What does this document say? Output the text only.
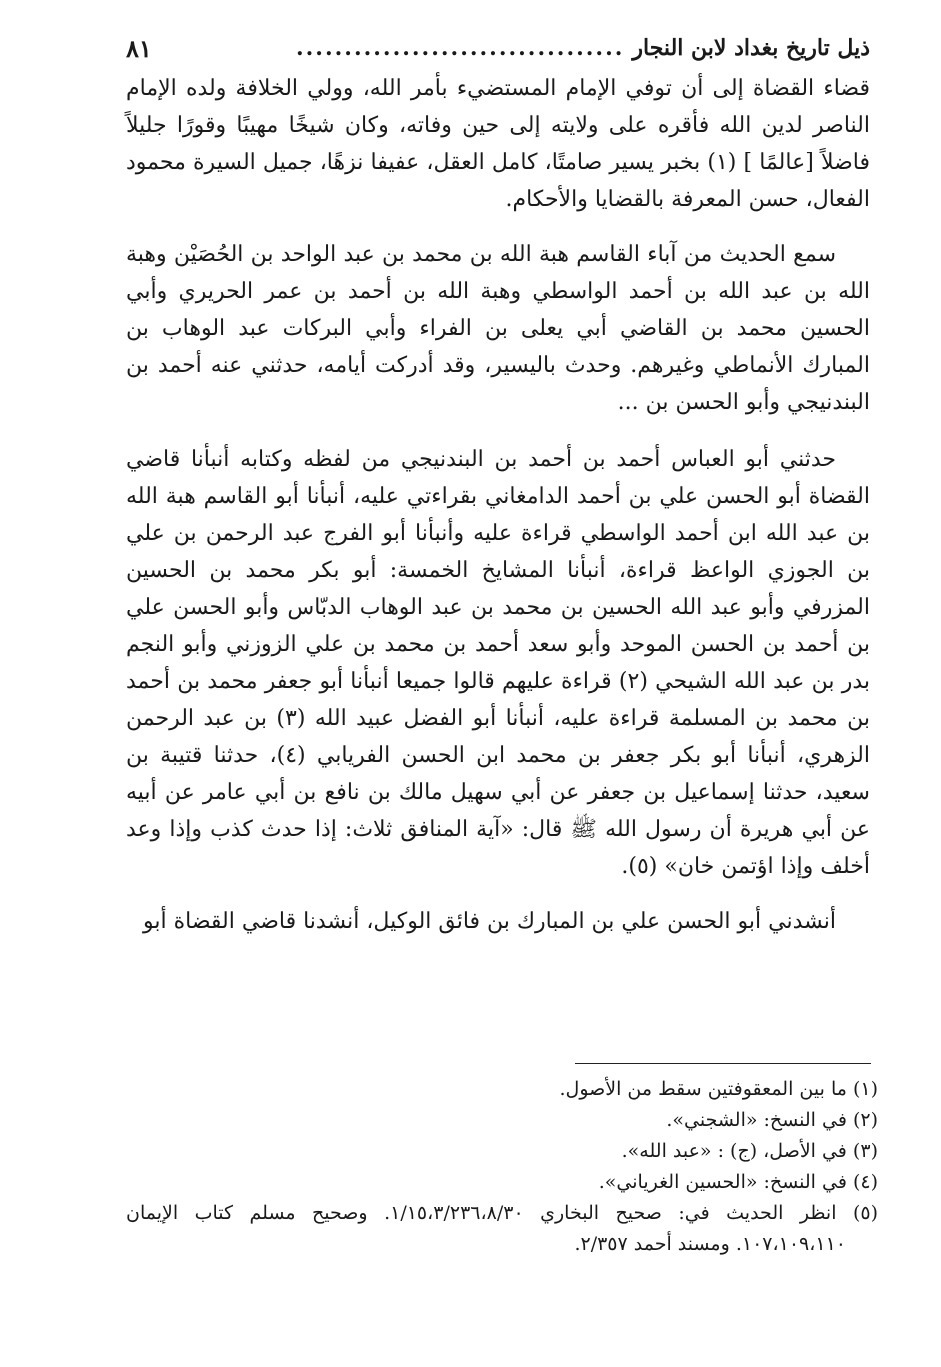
ذيل تاريخ بغداد لابن النجار
..................................
٨١

قضاء القضاة إلى أن توفي الإمام المستضيء بأمر الله، وولي الخلافة ولده الإمام الناصر لدين الله فأقره على ولايته إلى حين وفاته، وكان شيخًا مهيبًا وقورًا جليلاً فاضلاً [عالمًا ] (١) بخبر يسير صامتًا، كامل العقل، عفيفا نزهًا، جميل السيرة محمود الفعال، حسن المعرفة بالقضايا والأحكام.

سمع الحديث من آباء القاسم هبة الله بن محمد بن عبد الواحد بن الحُصَيْن وهبة الله بن عبد الله بن أحمد الواسطي وهبة الله بن أحمد بن عمر الحريري وأبي الحسين محمد بن القاضي أبي يعلى بن الفراء وأبي البركات عبد الوهاب بن المبارك الأنماطي وغيرهم. وحدث باليسير، وقد أدركت أيامه، حدثني عنه أحمد بن البندنيجي وأبو الحسن بن ...

حدثني أبو العباس أحمد بن أحمد بن البندنيجي من لفظه وكتابه أنبأنا قاضي القضاة أبو الحسن علي بن أحمد الدامغاني بقراءتي عليه، أنبأنا أبو القاسم هبة الله بن عبد الله ابن أحمد الواسطي قراءة عليه وأنبأنا أبو الفرج عبد الرحمن بن علي بن الجوزي الواعظ قراءة، أنبأنا المشايخ الخمسة: أبو بكر محمد بن الحسين المزرفي وأبو عبد الله الحسين بن محمد بن عبد الوهاب الدبّاس وأبو الحسن علي بن أحمد بن الحسن الموحد وأبو سعد أحمد بن محمد بن علي الزوزني وأبو النجم بدر بن عبد الله الشيحي (٢) قراءة عليهم قالوا جميعا أنبأنا أبو جعفر محمد بن أحمد بن محمد بن المسلمة قراءة عليه، أنبأنا أبو الفضل عبيد الله (٣) بن عبد الرحمن الزهري، أنبأنا أبو بكر جعفر بن محمد ابن الحسن الفريابي (٤)، حدثنا قتيبة بن سعيد، حدثنا إسماعيل بن جعفر عن أبي سهيل مالك بن نافع بن أبي عامر عن أبيه عن أبي هريرة أن رسول الله ﷺ قال: «آية المنافق ثلاث: إذا حدث كذب وإذا وعد أخلف وإذا اؤتمن خان» (٥).

أنشدني أبو الحسن علي بن المبارك بن فائق الوكيل، أنشدنا قاضي القضاة أبو

(١) ما بين المعقوفتين سقط من الأصول.

(٢) في النسخ: «الشجني».

(٣) في الأصل، (ج) : «عبد الله».

(٤) في النسخ: «الحسين الغرياني».

(٥) انظر الحديث في: صحيح البخاري ١/١٥،٣/٢٣٦،٨/٣٠. وصحيح مسلم كتاب الإيمان ١٠٧،١٠٩،١١٠. ومسند أحمد ٢/٣٥٧.
